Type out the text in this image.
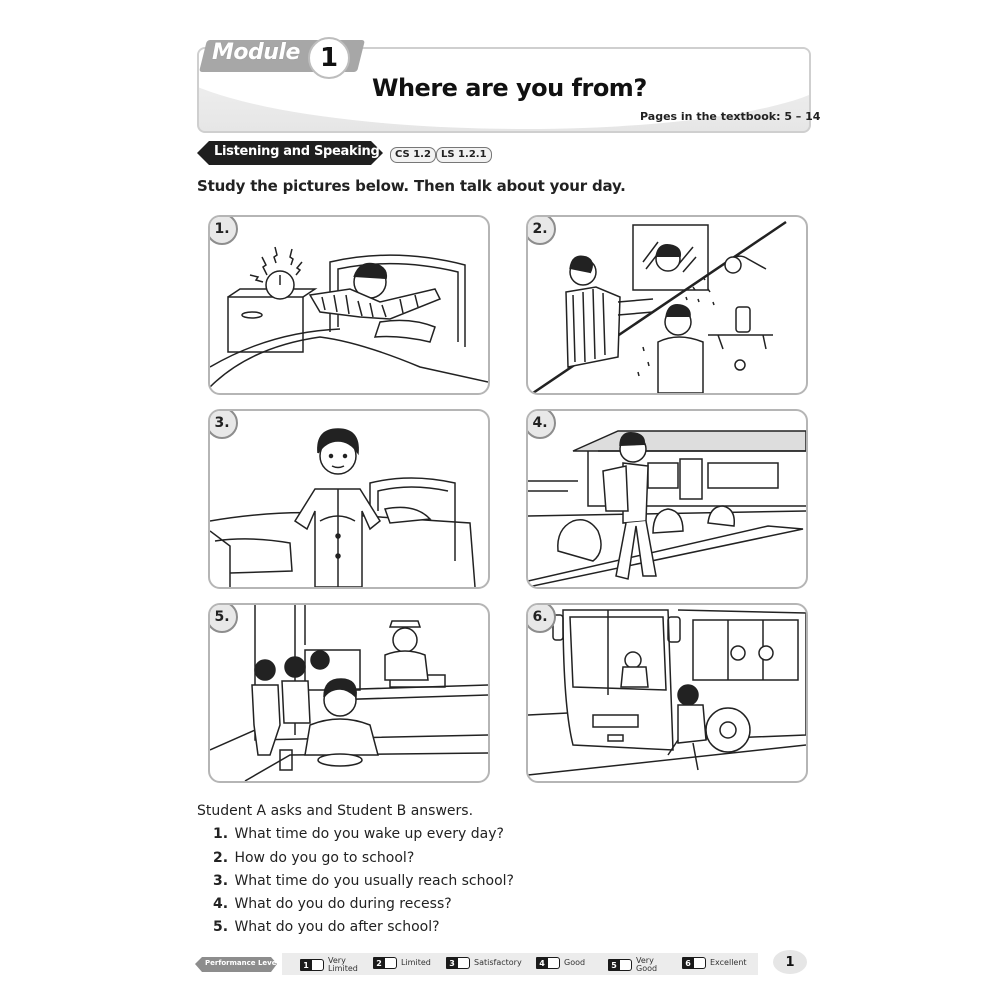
Module 1
Where are you from?
Pages in the textbook: 5 – 14
Listening and Speaking	CS 1.2	LS 1.2.1
Study the pictures below. Then talk about your day.
1.	2.
3.	4.
5.	6.
Student A asks and Student B answers.
1. What time do you wake up every day?
2. How do you go to school?
3. What time do you usually reach school?
4. What do you do during recess?
5. What do you do after school?
Performance Level	1	Very Limited
2	Limited	3	Satisfactory	4	Good	5	Very Good
6	Excellent	1
